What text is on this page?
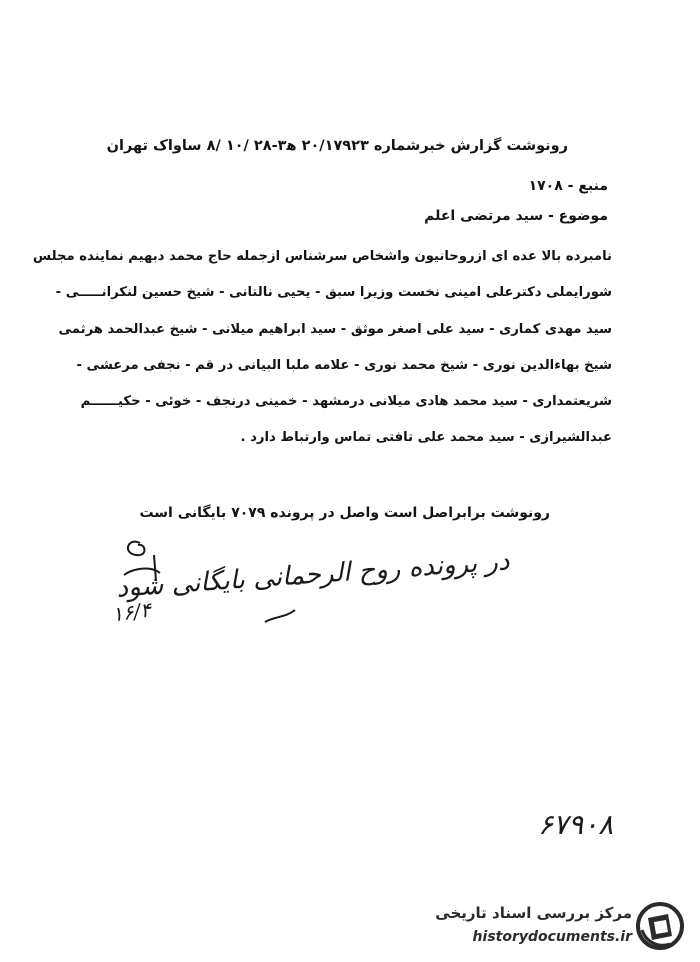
رونوشت گزارش خبرشماره ۲۰/۱۷۹۲۳ ه‍۳-۲۸ /۱۰ /۸ ساواک تهران
منبع - ۱۷۰۸
موضوع - سید مرتضی اعلم
نامبرده بالا عده ای ازروحانیون واشخاص سرشناس ازجمله حاج محمد دبهیم نماینده مجلس
شورایملی دکترعلی امینی نخست وزیرا سبق - یحیی نالتانی - شیخ حسین لنکرانـــــی -
سید مهدی کماری - سید علی اصغر موثق - سید ابراهیم میلانی - شیخ عبدالحمد هرثمی
شیخ بهاءالدین نوری - شیخ محمد نوری - علامه ملبا البیانی در قم - نجفی مرعشی -
شریعتمداری - سید محمد هادی میلانی درمشهد - خمینی درنجف - خوئی - حکیــــــم
عبدالشیرازی - سید محمد علی تافتی تماس وارتباط دارد .
رونوشت برابراصل است واصل در پرونده ۷۰۷۹ بایگانی است
در پرونده روح الرحمانی بایگانی شود
۱۶/۴
۶۷۹۰۸
مرکز بررسی اسناد تاریخی
historydocuments.ir
